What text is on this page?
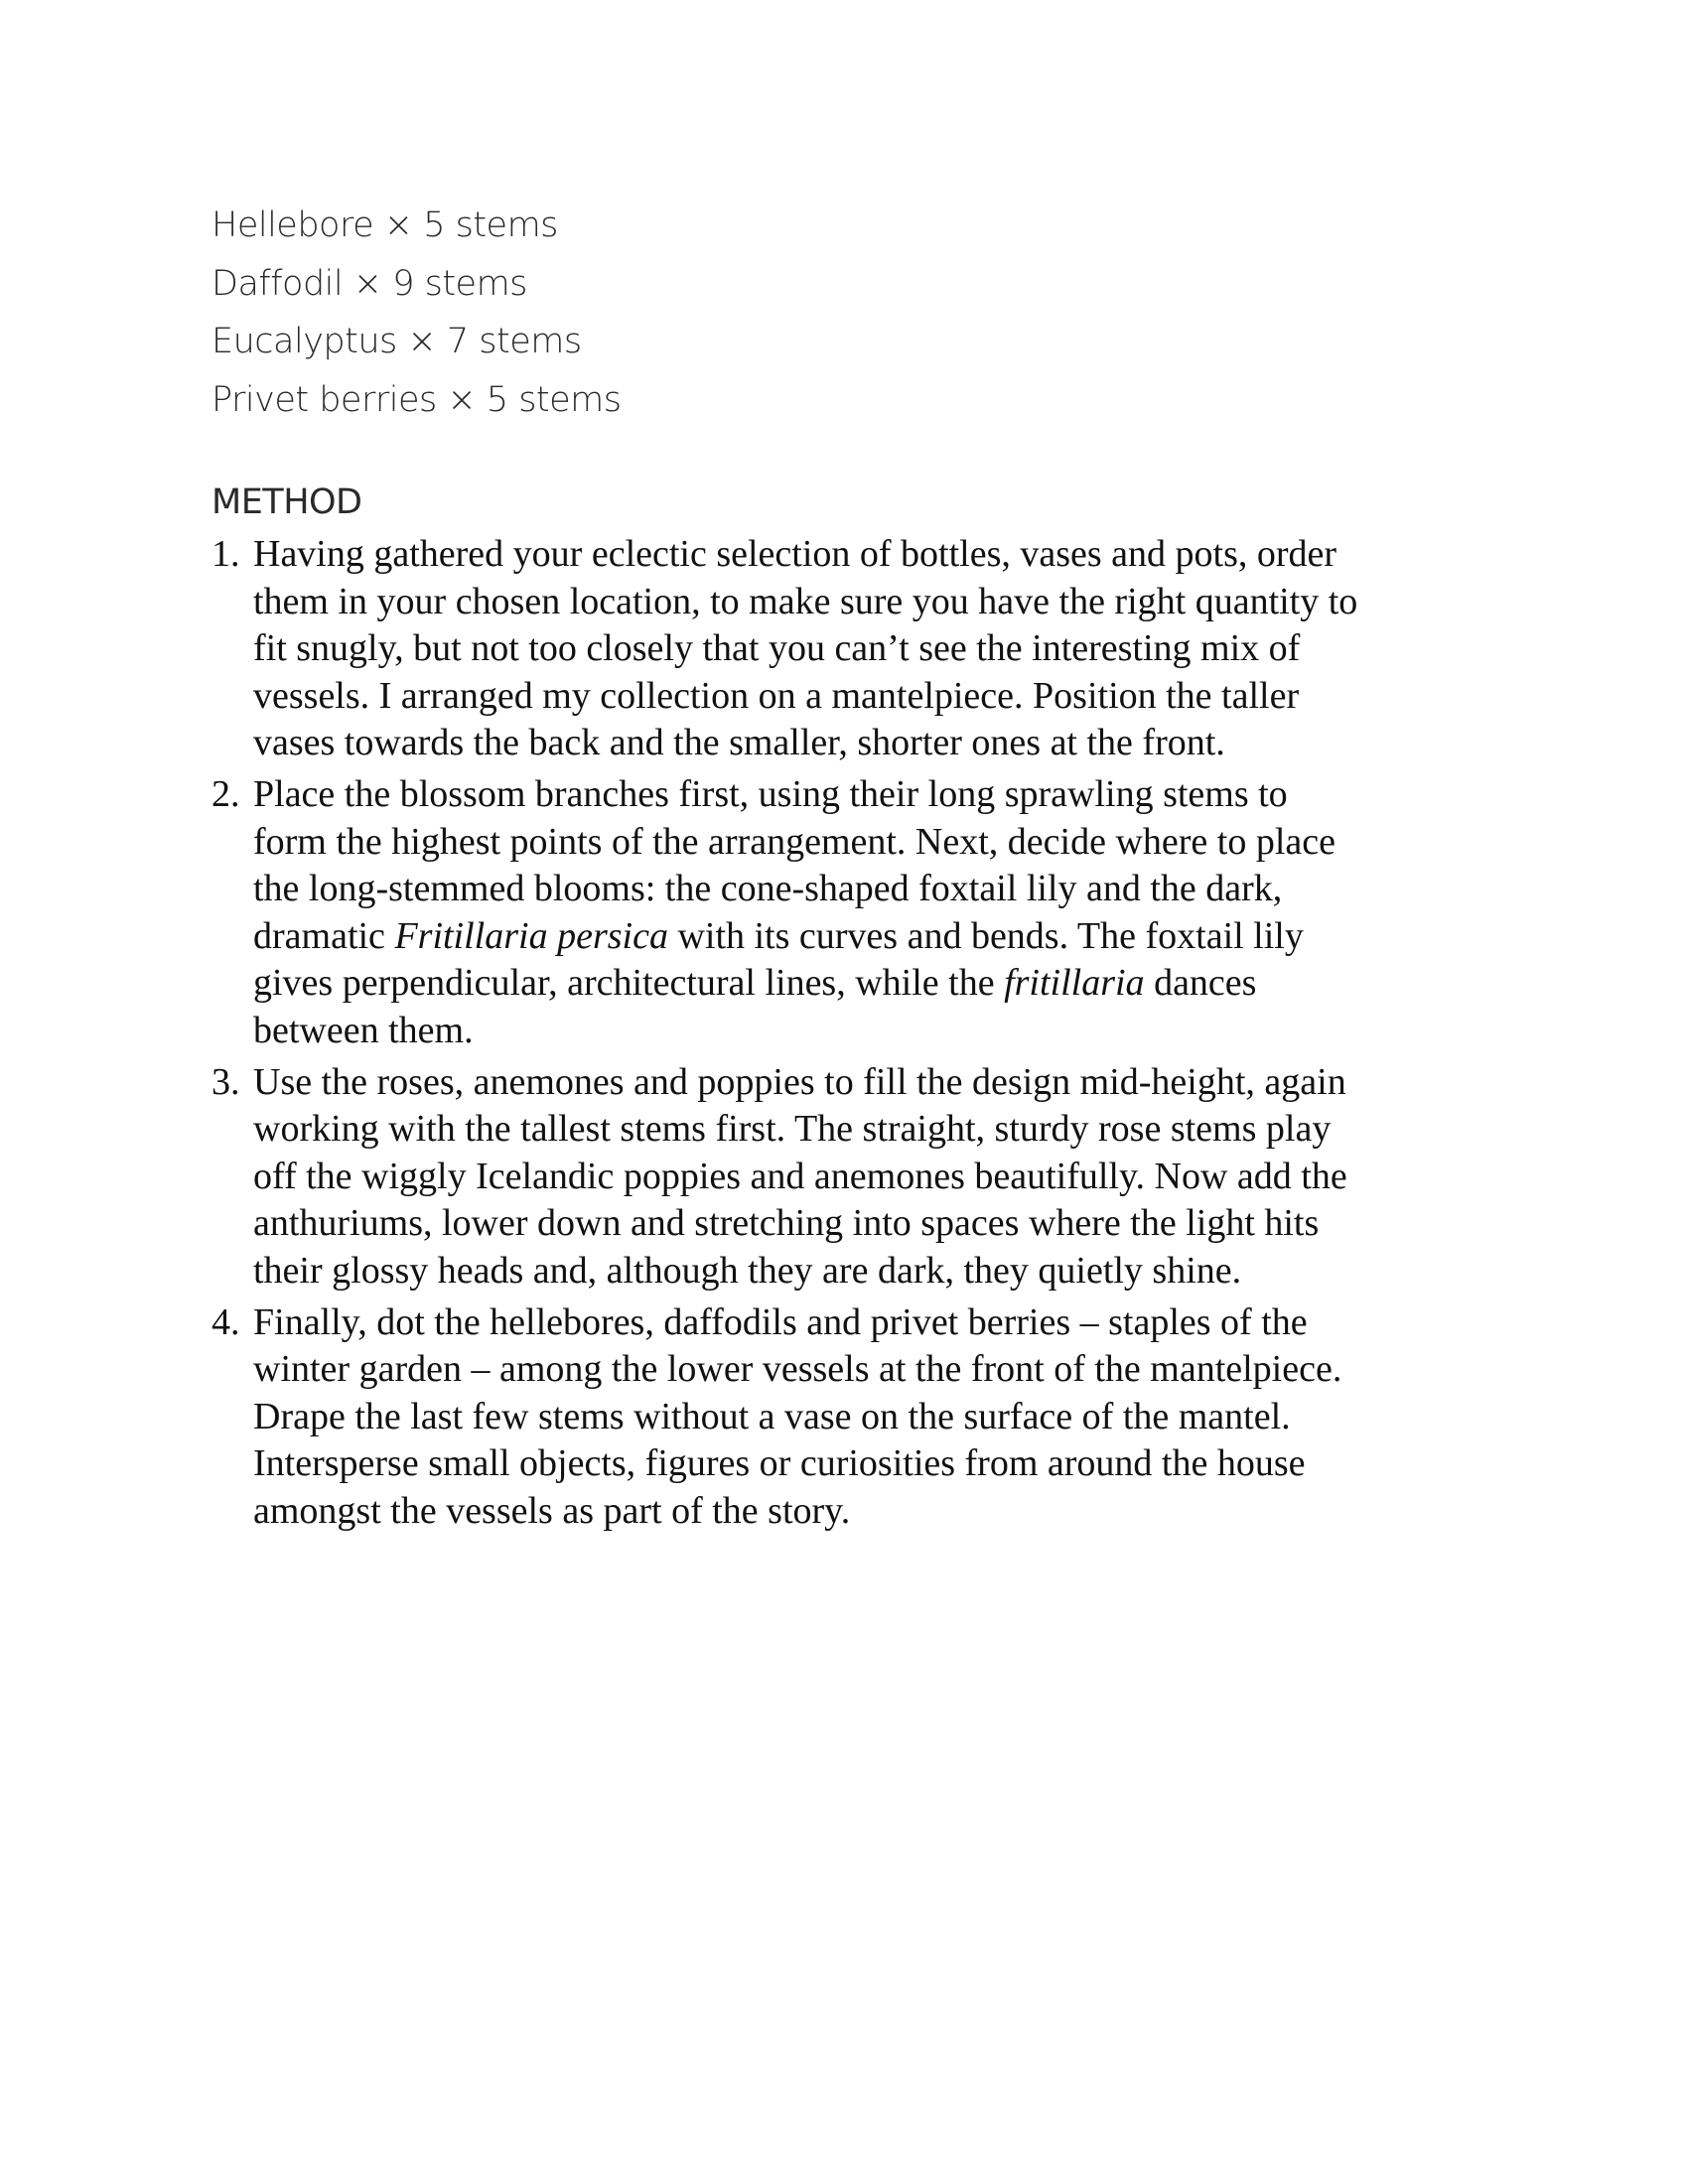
Hellebore × 5 stems
Daffodil × 9 stems
Eucalyptus × 7 stems
Privet berries × 5 stems
METHOD
1. Having gathered your eclectic selection of bottles, vases and pots, order
them in your chosen location, to make sure you have the right quantity to
fit snugly, but not too closely that you can’t see the interesting mix of
vessels. I arranged my collection on a mantelpiece. Position the taller
vases towards the back and the smaller, shorter ones at the front.
2. Place the blossom branches first, using their long sprawling stems to
form the highest points of the arrangement. Next, decide where to place
the long-stemmed blooms: the cone-shaped foxtail lily and the dark,
dramatic Fritillaria persica with its curves and bends. The foxtail lily
gives perpendicular, architectural lines, while the fritillaria dances
between them.
3. Use the roses, anemones and poppies to fill the design mid-height, again
working with the tallest stems first. The straight, sturdy rose stems play
off the wiggly Icelandic poppies and anemones beautifully. Now add the
anthuriums, lower down and stretching into spaces where the light hits
their glossy heads and, although they are dark, they quietly shine.
4. Finally, dot the hellebores, daffodils and privet berries – staples of the
winter garden – among the lower vessels at the front of the mantelpiece.
Drape the last few stems without a vase on the surface of the mantel.
Intersperse small objects, figures or curiosities from around the house
amongst the vessels as part of the story.
